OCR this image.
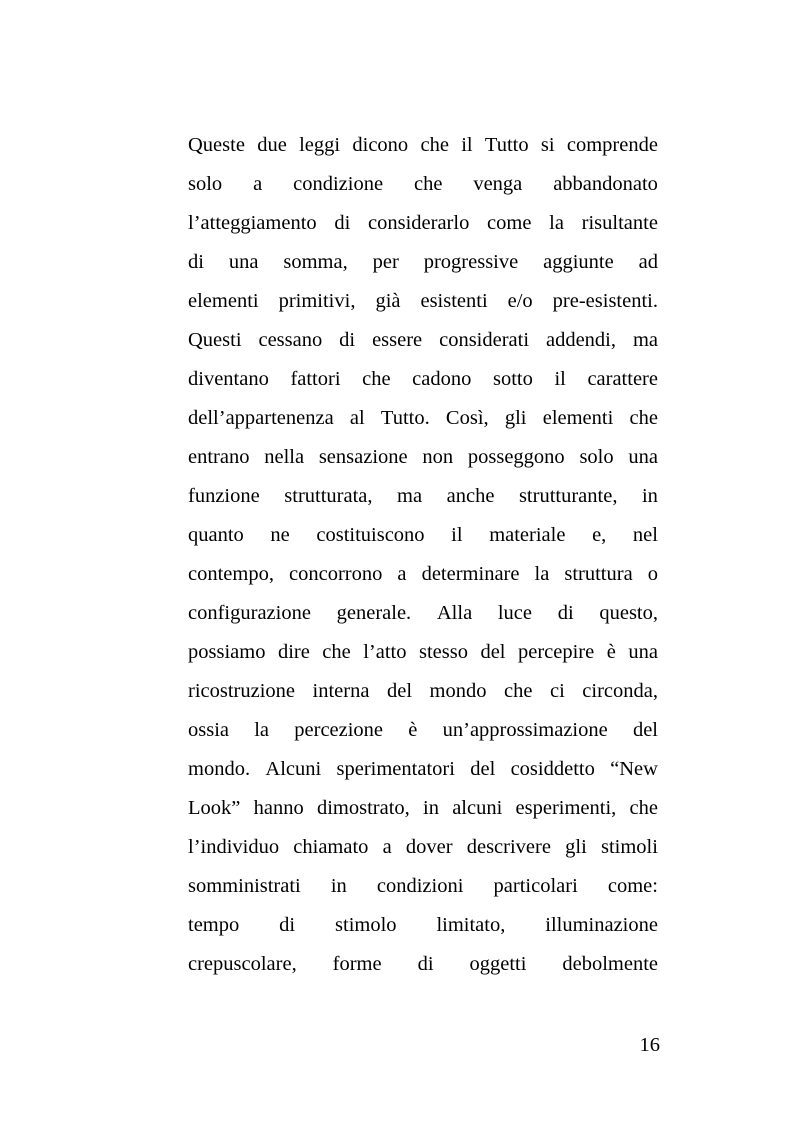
Queste due leggi dicono che il Tutto si comprende
solo a condizione che venga abbandonato
l’atteggiamento di considerarlo come la risultante
di una somma, per progressive aggiunte ad
elementi primitivi, già esistenti e/o pre-esistenti.
Questi cessano di essere considerati addendi, ma
diventano fattori che cadono sotto il carattere
dell’appartenenza al Tutto. Così, gli elementi che
entrano nella sensazione non posseggono solo una
funzione strutturata, ma anche strutturante, in
quanto ne costituiscono il materiale e, nel
contempo, concorrono a determinare la struttura o
configurazione generale. Alla luce di questo,
possiamo dire che l’atto stesso del percepire è una
ricostruzione interna del mondo che ci circonda,
ossia la percezione è un’approssimazione del
mondo. Alcuni sperimentatori del cosiddetto “New
Look” hanno dimostrato, in alcuni esperimenti, che
l’individuo chiamato a dover descrivere gli stimoli
somministrati in condizioni particolari come:
tempo di stimolo limitato, illuminazione
crepuscolare, forme di oggetti debolmente
16
